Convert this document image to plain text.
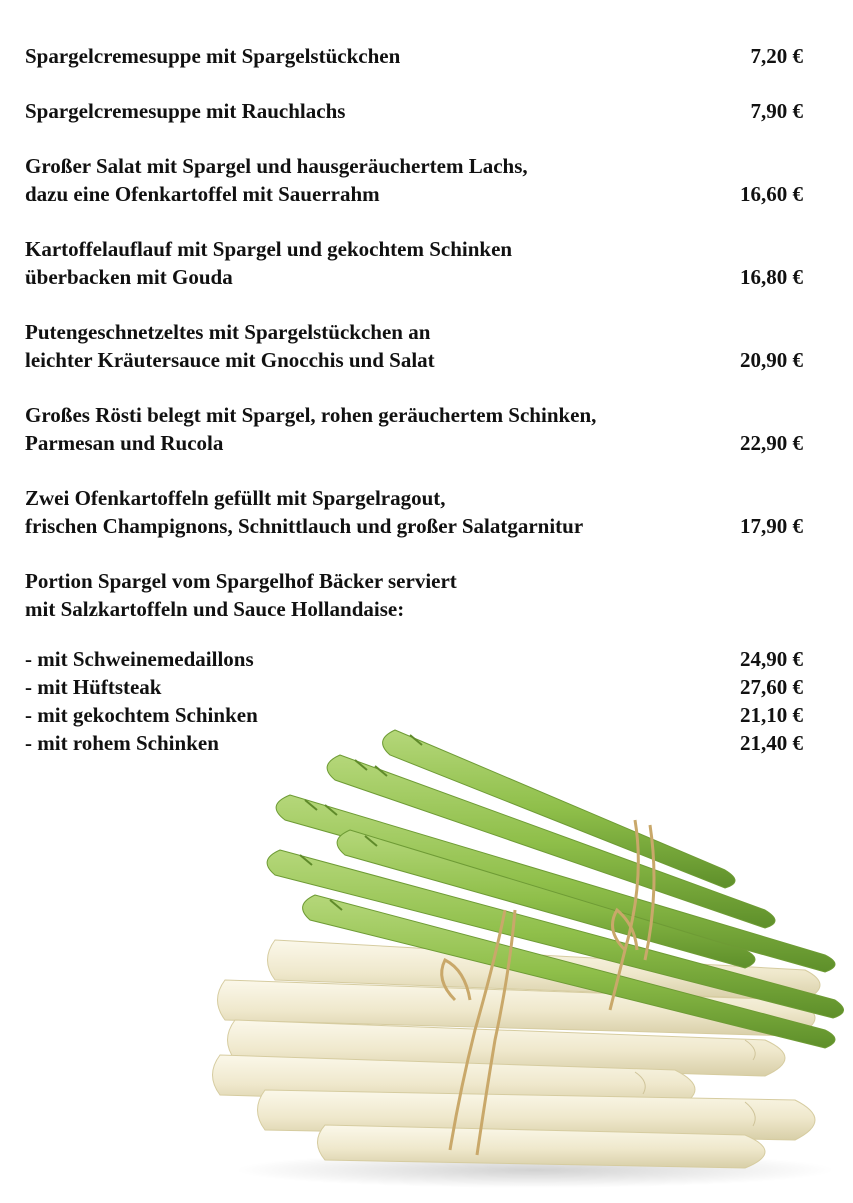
Spargelcremesuppe mit Spargelstückchen	7,20 €
Spargelcremesuppe mit Rauchlachs	7,90 €
Großer Salat mit Spargel und hausgeräuchertem Lachs,
dazu eine Ofenkartoffel mit Sauerrahm	16,60 €
Kartoffelauflauf mit Spargel und gekochtem Schinken
überbacken mit Gouda	16,80 €
Putengeschnetzeltes mit Spargelstückchen an
leichter Kräutersauce mit Gnocchis und Salat	20,90 €
Großes Rösti belegt mit Spargel, rohen geräuchertem Schinken,
Parmesan und Rucola	22,90 €
Zwei Ofenkartoffeln gefüllt mit Spargelragout,
frischen Champignons, Schnittlauch und großer Salatgarnitur	17,90 €
Portion Spargel vom Spargelhof Bäcker serviert
mit Salzkartoffeln und Sauce Hollandaise:
- mit Schweinemedaillons	24,90 €
- mit Hüftsteak	27,60 €
- mit gekochtem Schinken	21,10 €
- mit rohem Schinken	21,40 €
